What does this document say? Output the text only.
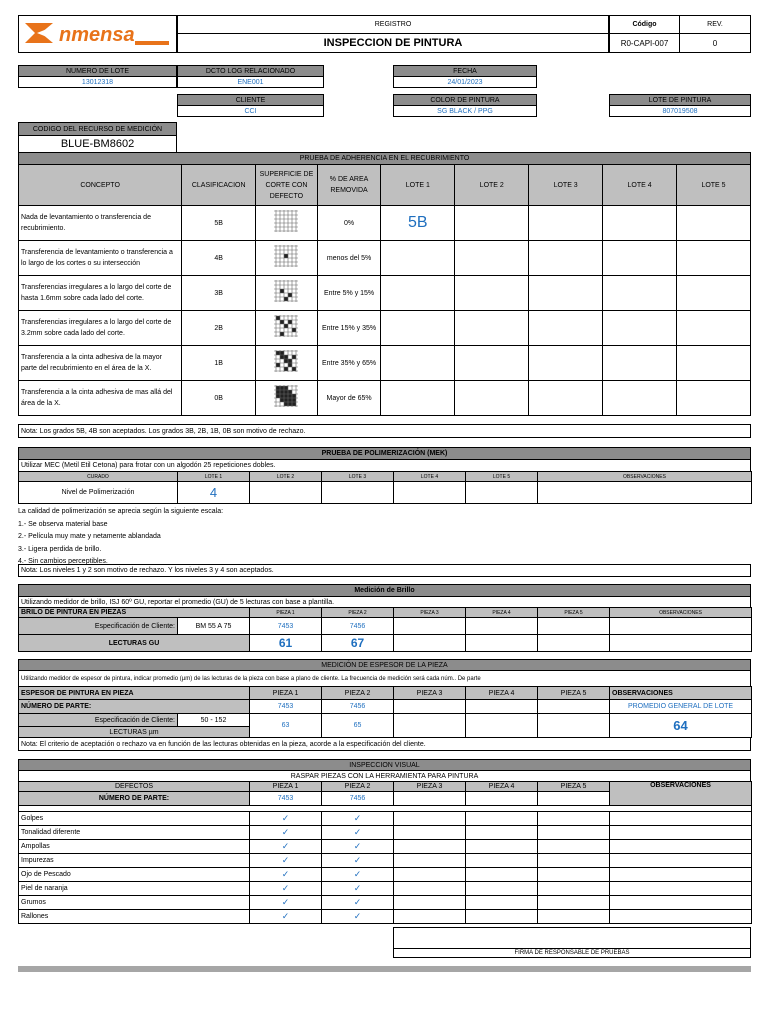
nmensa	REGISTRO
INSPECCION DE PINTURA
Código
R0-CAPI-007
REV.
0
NUMERO DE LOTE
13012318
DCTO LOG RELACIONADO
ENE001
FECHA
24/01/2023
CLIENTE
CCI
COLOR DE PINTURA
SG BLACK / PPG
LOTE DE PINTURA
807019508
CODIGO DEL RECURSO DE MEDICIÓN
BLUE-BM8602
PRUEBA DE ADHERENCIA EN EL RECUBRIMIENTO
CONCEPTO	CLASIFICACION	SUPERFICIE DE CORTE CON DEFECTO	% DE AREA REMOVIDA	LOTE 1	LOTE 2	LOTE 3	LOTE 4	LOTE 5
Nada de levantamiento o transferencia de recubrimiento.	5B		0%	5B				
Transferencia de levantamiento o transferencia a lo largo de los cortes o su intersección	4B		menos del 5%					
Transferencias irregulares a lo largo del corte de hasta 1.6mm sobre cada lado del corte.	3B		Entre 5% y 15%					
Transferencias irregulares a lo largo del corte de 3.2mm sobre cada lado del corte.	2B		Entre 15% y 35%					
Transferencia a la cinta adhesiva de la mayor parte del recubrimiento en el área de la X.	1B		Entre 35% y 65%					
Transferencia a la cinta adhesiva de mas allá del área de la X.	0B		Mayor de 65%					
Nota: Los grados 5B, 4B son aceptados. Los grados 3B, 2B, 1B, 0B son motivo de rechazo.
PRUEBA DE POLIMERIZACIÓN (MEK)
Utilizar MEC (Metil Etil Cetona) para frotar con un algodón 25 repeticiones dobles.
CURADO	LOTE 1	LOTE 2	LOTE 3	LOTE 4	LOTE 5	OBSERVACIONES
Nivel de Polimerización	4					
La calidad de polimerización se aprecia según la siguiente escala:
1.- Se observa material base
2.- Película muy mate y netamente ablandada
3.- Ligera perdida de brillo.
4.- Sin cambios perceptibles.
Nota: Los niveles 1 y 2 son motivo de rechazo. Y los niveles 3 y 4 son aceptados.
Medición de Brillo
Utilizando medidor de brillo, ISJ 60º GU, reportar el promedio (GU) de 5 lecturas con base a plantilla.
BRILO DE PINTURA EN PIEZAS		PIEZA 1	PIEZA 2	PIEZA 3	PIEZA 4	PIEZA 5	OBSERVACIONES
Especificación de Cliente:	BM 55 A 75	7453	7456				
LECTURAS GU		61	67				
MEDICIÓN DE ESPESOR DE LA PIEZA
Utilizando medidor de espesor de pintura, indicar promedio (µm) de las lecturas de la pieza con base a plano de cliente. La frecuencia de medición será cada núm.. De parte
ESPESOR DE PINTURA EN PIEZA		PIEZA 1	PIEZA 2	PIEZA 3	PIEZA 4	PIEZA 5	OBSERVACIONES
NÚMERO DE PARTE:		7453	7456				PROMEDIO GENERAL DE LOTE
Especificación de Cliente:	50 - 152	63	65				64
LECTURAS µm							
Nota: El criterio de aceptación o rechazo va en función de las lecturas obtenidas en la pieza, acorde a la especificación del cliente.
INSPECCION VISUAL
RASPAR PIEZAS CON LA HERRAMIENTA PARA PINTURA
DEFECTOS	PIEZA 1	PIEZA 2	PIEZA 3	PIEZA 4	PIEZA 5	OBSERVACIONES
NÚMERO DE PARTE:	7453	7456				

Golpes	✓	✓				
Tonalidad diferente	✓	✓				
Ampollas	✓	✓				
Impurezas	✓	✓				
Ojo de Pescado	✓	✓				
Piel de naranja	✓	✓				
Grumos	✓	✓				
Rallones	✓	✓				
FIRMA DE RESPONSABLE DE PRUEBAS
